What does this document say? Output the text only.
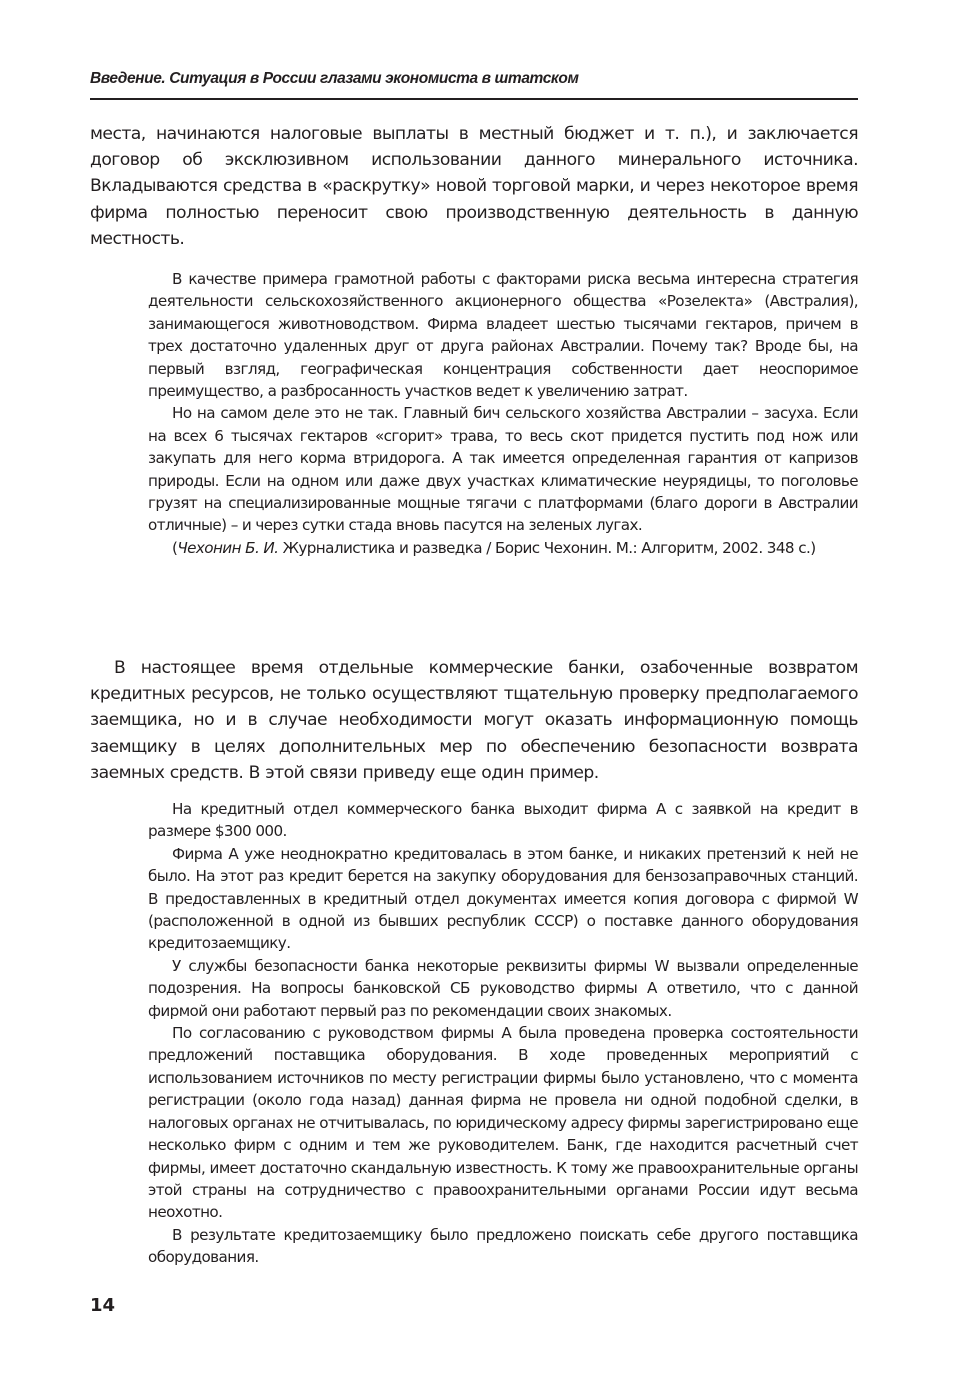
Введение. Ситуация в России глазами экономиста в штатском

места, начинаются налоговые выплаты в местный бюджет и т. п.), и заключается договор об эксклюзивном использовании данного минерального источника. Вкладываются средства в «раскрутку» новой торговой марки, и через некоторое время фирма полностью переносит свою производственную деятельность в данную местность.

В качестве примера грамотной работы с факторами риска весьма интересна стратегия деятельности сельскохозяйственного акционерного общества «Розелекта» (Австралия), занимающегося животноводством. Фирма владеет шестью тысячами гектаров, причем в трех достаточно удаленных друг от друга районах Австралии. Почему так? Вроде бы, на первый взгляд, географическая концентрация собственности дает неоспоримое преимущество, а разбросанность участков ведет к увеличению затрат.

Но на самом деле это не так. Главный бич сельского хозяйства Австралии – засуха. Если на всех 6 тысячах гектаров «сгорит» трава, то весь скот придется пустить под нож или закупать для него корма втридорога. А так имеется определенная гарантия от капризов природы. Если на одном или даже двух участках климатические неурядицы, то поголовье грузят на специализированные мощные тягачи с платформами (благо дороги в Австралии отличные) – и через сутки стада вновь пасутся на зеленых лугах.

(Чехонин Б. И. Журналистика и разведка / Борис Чехонин. М.: Алгоритм, 2002. 348 с.)

В настоящее время отдельные коммерческие банки, озабоченные возвратом кредитных ресурсов, не только осуществляют тщательную проверку предполагаемого заемщика, но и в случае необходимости могут оказать информационную помощь заемщику в целях дополнительных мер по обеспечению безопасности возврата заемных средств. В этой связи приведу еще один пример.

На кредитный отдел коммерческого банка выходит фирма А с заявкой на кредит в размере $300 000.

Фирма А уже неоднократно кредитовалась в этом банке, и никаких претензий к ней не было. На этот раз кредит берется на закупку оборудования для бензозаправочных станций. В предоставленных в кредитный отдел документах имеется копия договора с фирмой W (расположенной в одной из бывших республик СССР) о поставке данного оборудования кредитозаемщику.

У службы безопасности банка некоторые реквизиты фирмы W вызвали определенные подозрения. На вопросы банковской СБ руководство фирмы А ответило, что с данной фирмой они работают первый раз по рекомендации своих знакомых.

По согласованию с руководством фирмы А была проведена проверка состоятельности предложений поставщика оборудования. В ходе проведенных мероприятий с использованием источников по месту регистрации фирмы было установлено, что с момента регистрации (около года назад) данная фирма не провела ни одной подобной сделки, в налоговых органах не отчитывалась, по юридическому адресу фирмы зарегистрировано еще несколько фирм с одним и тем же руководителем. Банк, где находится расчетный счет фирмы, имеет достаточно скандальную известность. К тому же правоохранительные органы этой страны на сотрудничество с правоохранительными органами России идут весьма неохотно.

В результате кредитозаемщику было предложено поискать себе другого поставщика оборудования.

14
